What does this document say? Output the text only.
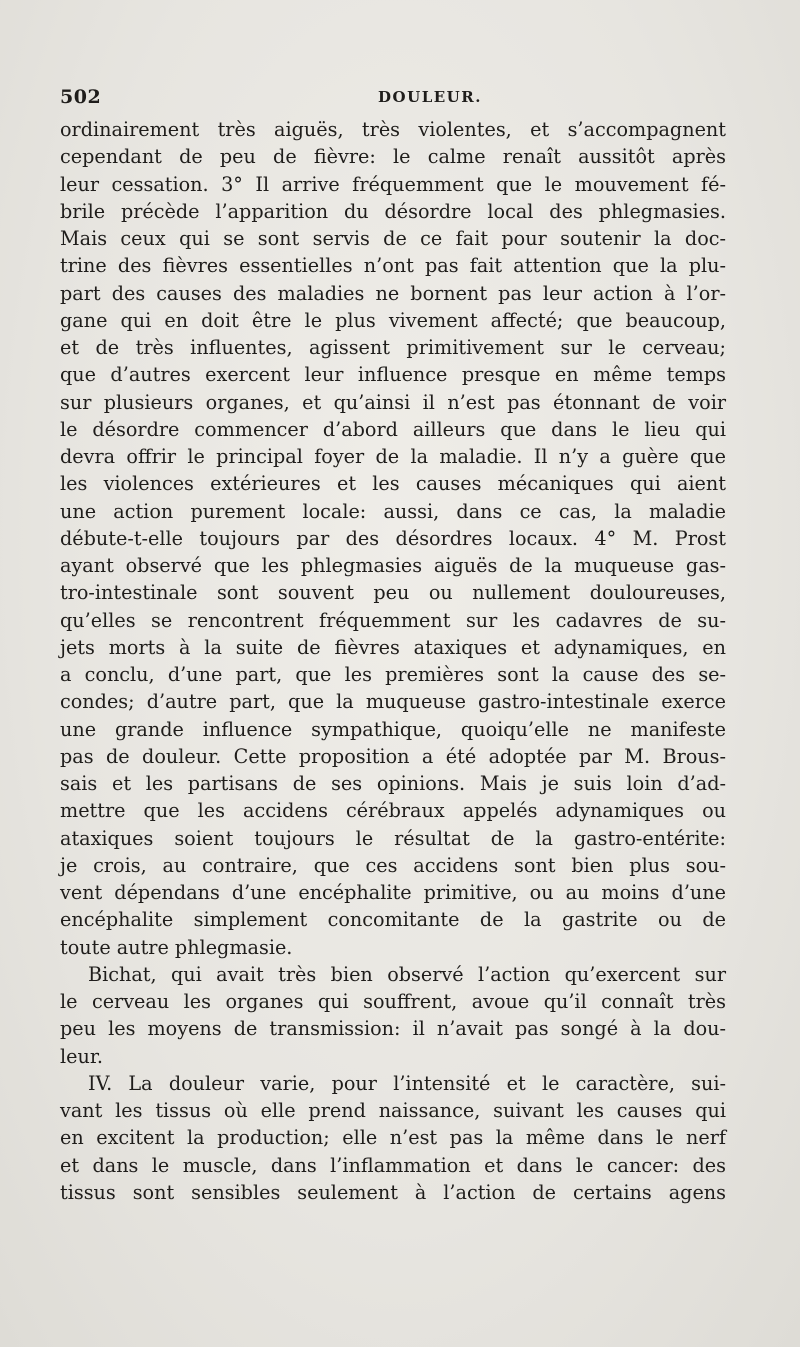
502	DOULEUR.
ordinairement très aiguës, très violentes, et s’accompagnent
cependant de peu de fièvre: le calme renaît aussitôt après
leur cessation. 3° Il arrive fréquemment que le mouvement fé-
brile précède l’apparition du désordre local des phlegmasies.
Mais ceux qui se sont servis de ce fait pour soutenir la doc-
trine des fièvres essentielles n’ont pas fait attention que la plu-
part des causes des maladies ne bornent pas leur action à l’or-
gane qui en doit être le plus vivement affecté; que beaucoup,
et de très influentes, agissent primitivement sur le cerveau;
que d’autres exercent leur influence presque en même temps
sur plusieurs organes, et qu’ainsi il n’est pas étonnant de voir
le désordre commencer d’abord ailleurs que dans le lieu qui
devra offrir le principal foyer de la maladie. Il n’y a guère que
les violences extérieures et les causes mécaniques qui aient
une action purement locale: aussi, dans ce cas, la maladie
débute-t-elle toujours par des désordres locaux. 4° M. Prost
ayant observé que les phlegmasies aiguës de la muqueuse gas-
tro-intestinale sont souvent peu ou nullement douloureuses,
qu’elles se rencontrent fréquemment sur les cadavres de su-
jets morts à la suite de fièvres ataxiques et adynamiques, en
a conclu, d’une part, que les premières sont la cause des se-
condes; d’autre part, que la muqueuse gastro-intestinale exerce
une grande influence sympathique, quoiqu’elle ne manifeste
pas de douleur. Cette proposition a été adoptée par M. Brous-
sais et les partisans de ses opinions. Mais je suis loin d’ad-
mettre que les accidens cérébraux appelés adynamiques ou
ataxiques soient toujours le résultat de la gastro-entérite:
je crois, au contraire, que ces accidens sont bien plus sou-
vent dépendans d’une encéphalite primitive, ou au moins d’une
encéphalite simplement concomitante de la gastrite ou de
toute autre phlegmasie.
Bichat, qui avait très bien observé l’action qu’exercent sur
le cerveau les organes qui souffrent, avoue qu’il connaît très
peu les moyens de transmission: il n’avait pas songé à la dou-
leur.
IV. La douleur varie, pour l’intensité et le caractère, sui-
vant les tissus où elle prend naissance, suivant les causes qui
en excitent la production; elle n’est pas la même dans le nerf
et dans le muscle, dans l’inflammation et dans le cancer: des
tissus sont sensibles seulement à l’action de certains agens
